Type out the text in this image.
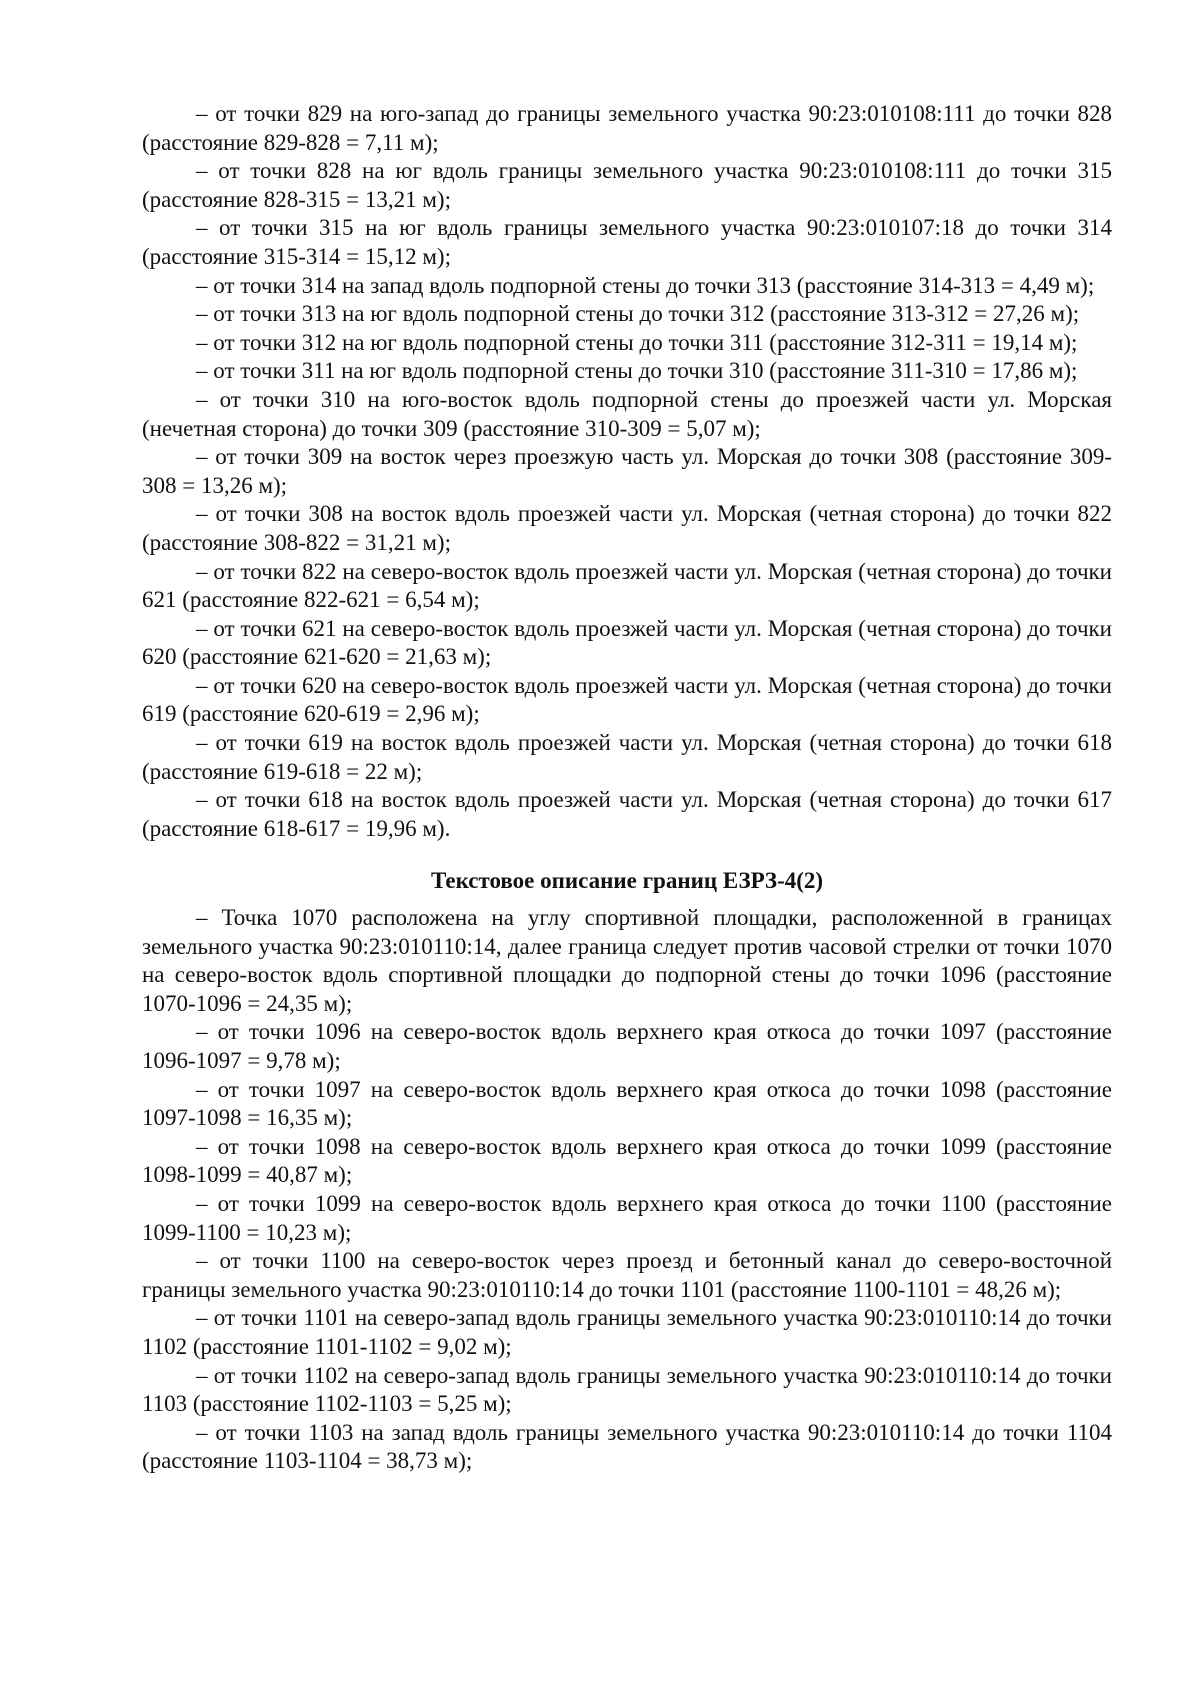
– от точки 829 на юго-запад до границы земельного участка 90:23:010108:111 до точки 828 (расстояние 829-828 = 7,11 м);

– от точки 828 на юг вдоль границы земельного участка 90:23:010108:111 до точки 315 (расстояние 828-315 = 13,21 м);

– от точки 315 на юг вдоль границы земельного участка 90:23:010107:18 до точки 314 (расстояние 315-314 = 15,12 м);

– от точки 314 на запад вдоль подпорной стены до точки 313 (расстояние 314-313 = 4,49 м);

– от точки 313 на юг вдоль подпорной стены до точки 312 (расстояние 313-312 = 27,26 м);

– от точки 312 на юг вдоль подпорной стены до точки 311 (расстояние 312-311 = 19,14 м);

– от точки 311 на юг вдоль подпорной стены до точки 310 (расстояние 311-310 = 17,86 м);

– от точки 310 на юго-восток вдоль подпорной стены до проезжей части ул. Морская (нечетная сторона) до точки 309 (расстояние 310-309 = 5,07 м);

– от точки 309 на восток через проезжую часть ул. Морская до точки 308 (расстояние 309-308 = 13,26 м);

– от точки 308 на восток вдоль проезжей части ул. Морская (четная сторона) до точки 822 (расстояние 308-822 = 31,21 м);

– от точки 822 на северо-восток вдоль проезжей части ул. Морская (четная сторона) до точки 621 (расстояние 822-621 = 6,54 м);

– от точки 621 на северо-восток вдоль проезжей части ул. Морская (четная сторона) до точки 620 (расстояние 621-620 = 21,63 м);

– от точки 620 на северо-восток вдоль проезжей части ул. Морская (четная сторона) до точки 619 (расстояние 620-619 = 2,96 м);

– от точки 619 на восток вдоль проезжей части ул. Морская (четная сторона) до точки 618 (расстояние 619-618 = 22 м);

– от точки 618 на восток вдоль проезжей части ул. Морская (четная сторона) до точки 617 (расстояние 618-617 = 19,96 м).

Текстовое описание границ ЕЗРЗ-4(2)

– Точка 1070 расположена на углу спортивной площадки, расположенной в границах земельного участка 90:23:010110:14, далее граница следует против часовой стрелки от точки 1070 на северо-восток вдоль спортивной площадки до подпорной стены до точки 1096 (расстояние 1070-1096 = 24,35 м);

– от точки 1096 на северо-восток вдоль верхнего края откоса до точки 1097 (расстояние 1096-1097 = 9,78 м);

– от точки 1097 на северо-восток вдоль верхнего края откоса до точки 1098 (расстояние 1097-1098 = 16,35 м);

– от точки 1098 на северо-восток вдоль верхнего края откоса до точки 1099 (расстояние 1098-1099 = 40,87 м);

– от точки 1099 на северо-восток вдоль верхнего края откоса до точки 1100 (расстояние 1099-1100 = 10,23 м);

– от точки 1100 на северо-восток через проезд и бетонный канал до северо-восточной границы земельного участка 90:23:010110:14 до точки 1101 (расстояние 1100-1101 = 48,26 м);

– от точки 1101 на северо-запад вдоль границы земельного участка 90:23:010110:14 до точки 1102 (расстояние 1101-1102 = 9,02 м);

– от точки 1102 на северо-запад вдоль границы земельного участка 90:23:010110:14 до точки 1103 (расстояние 1102-1103 = 5,25 м);

– от точки 1103 на запад вдоль границы земельного участка 90:23:010110:14 до точки 1104 (расстояние 1103-1104 = 38,73 м);
